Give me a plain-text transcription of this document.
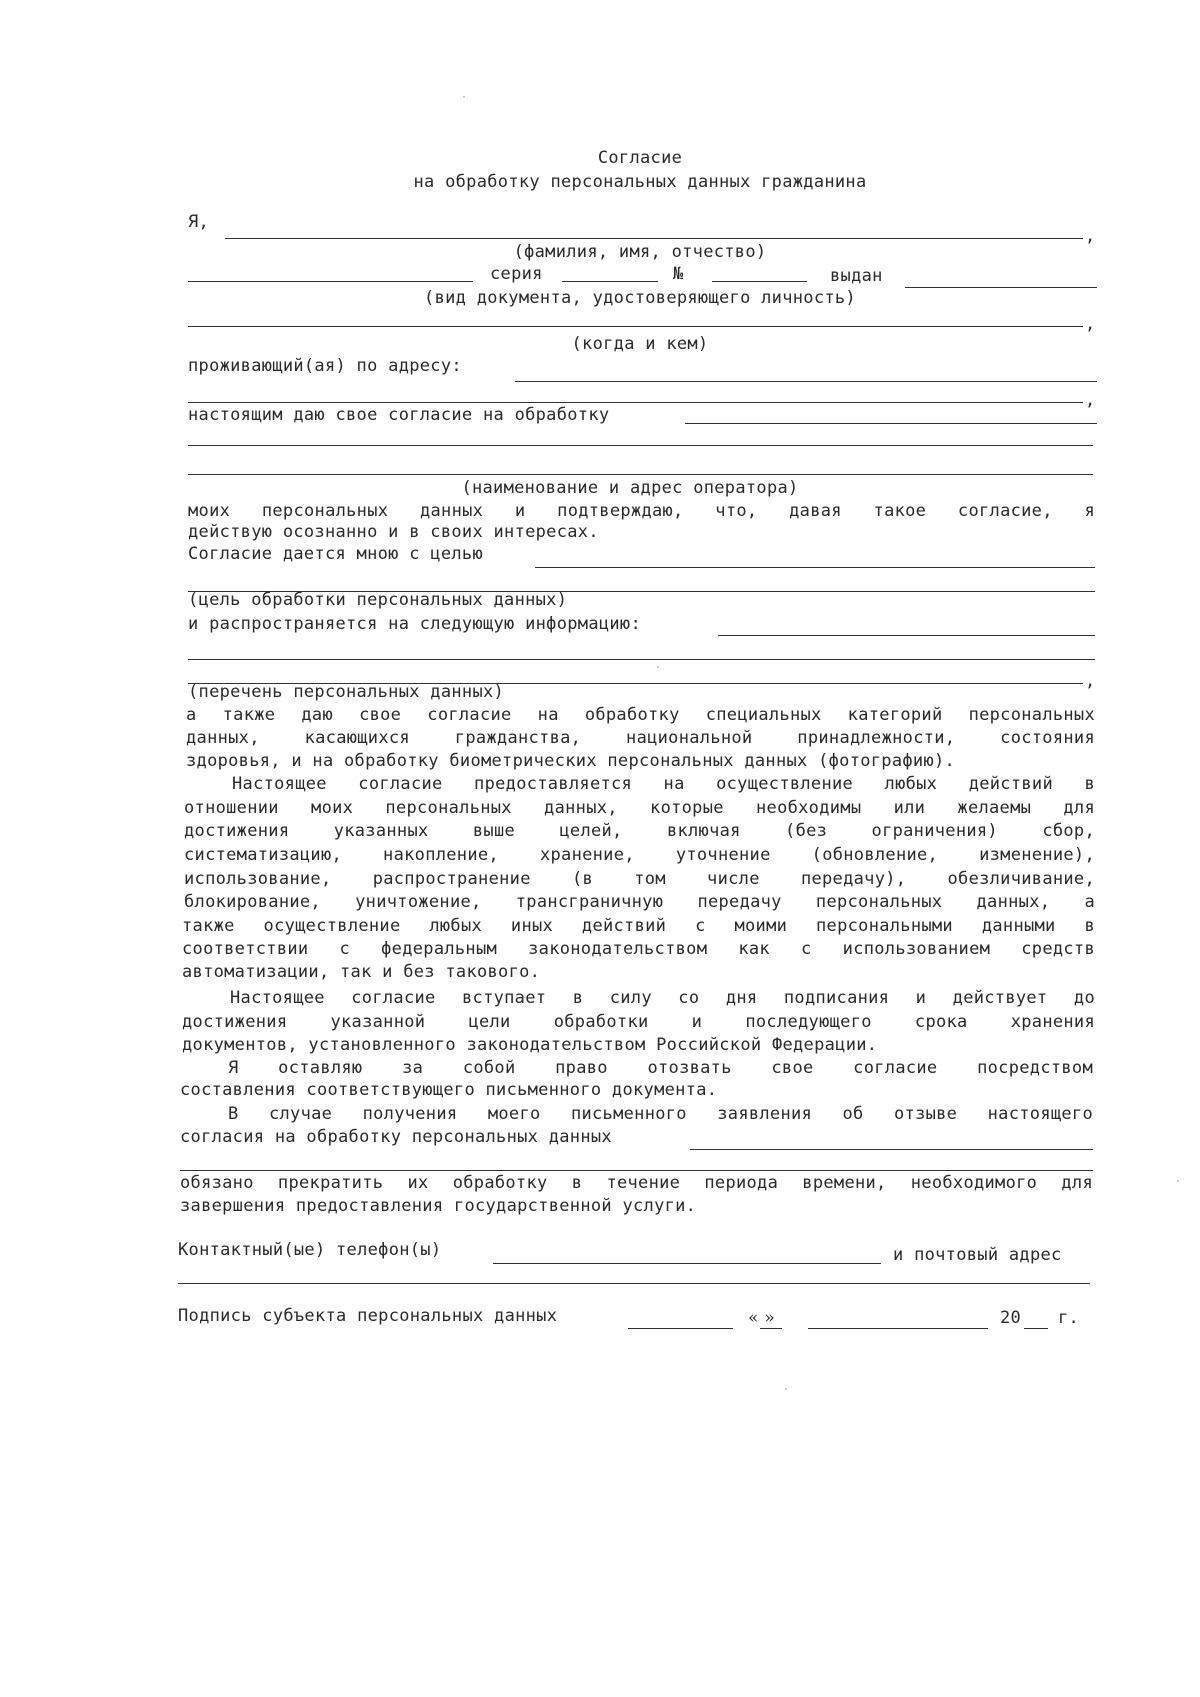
Согласие
на обработку персональных данных гражданина
Я,
,
(фамилия, имя, отчество)
серия	№	выдан
(вид документа, удостоверяющего личность)
,
(когда и кем)
проживающий(ая) по адресу:
,
настоящим даю свое согласие на обработку
(наименование и адрес оператора)
моих персональных данных и подтверждаю, что, давая такое согласие, я
действую осознанно и в своих интересах.
Согласие дается мною с целью
(цель обработки персональных данных)
и распространяется на следующую информацию:
,
(перечень персональных данных)
а также даю свое согласие на обработку специальных категорий персональных
данных, касающихся гражданства, национальной принадлежности, состояния
здоровья, и на обработку биометрических персональных данных (фотографию).
Настоящее согласие предоставляется на осуществление любых действий в
отношении моих персональных данных, которые необходимы или желаемы для
достижения указанных выше целей, включая (без ограничения) сбор,
систематизацию, накопление, хранение, уточнение (обновление, изменение),
использование, распространение (в том числе передачу), обезличивание,
блокирование, уничтожение, трансграничную передачу персональных данных, а
также осуществление любых иных действий с моими персональными данными в
соответствии с федеральным законодательством как с использованием средств
автоматизации, так и без такового.
Настоящее согласие вступает в силу со дня подписания и действует до
достижения указанной цели обработки и последующего срока хранения
документов, установленного законодательством Российской Федерации.
Я оставляю за собой право отозвать свое согласие посредством
составления соответствующего письменного документа.
В случае получения моего письменного заявления об отзыве настоящего
согласия на обработку персональных данных
обязано прекратить их обработку в течение периода времени, необходимого для
завершения предоставления государственной услуги.
Контактный(ые) телефон(ы)	и почтовый адрес
Подпись субъекта персональных данных	« »	20 г.
